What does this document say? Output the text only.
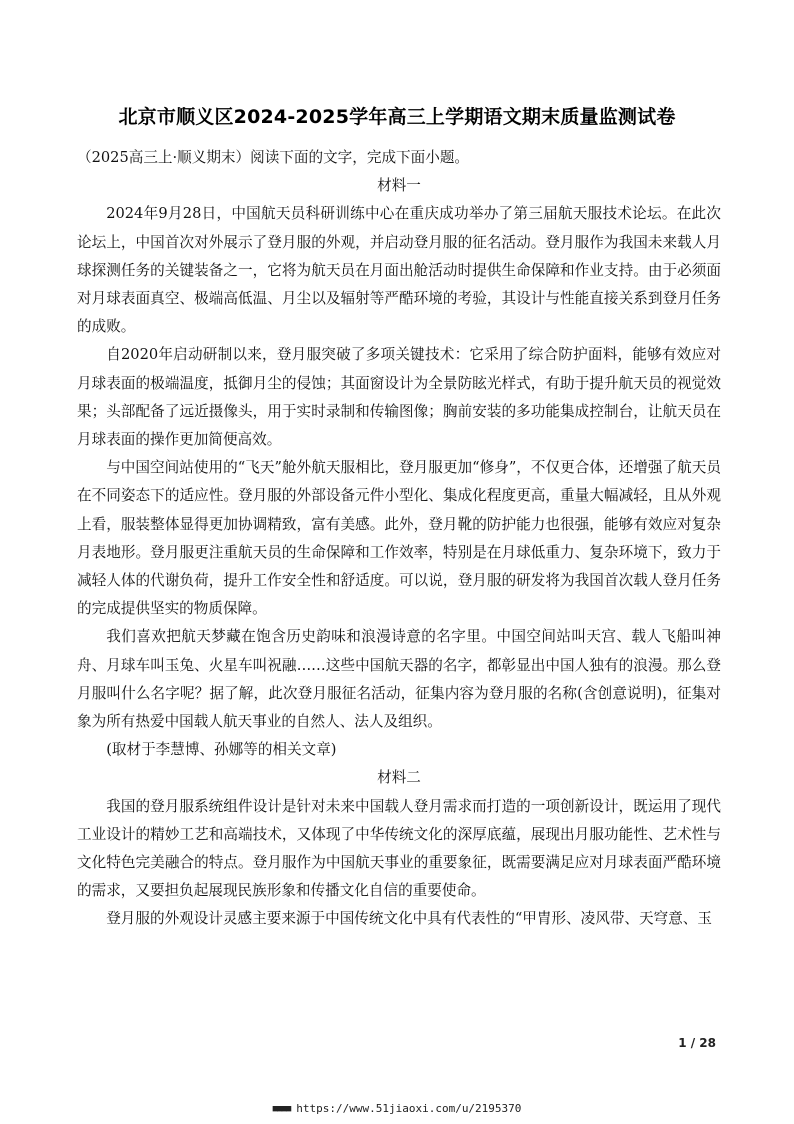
北京市顺义区2024-2025学年高三上学期语文期末质量监测试卷

（2025高三上·顺义期末）阅读下面的文字，完成下面小题。

材料一

2024年9月28日，中国航天员科研训练中心在重庆成功举办了第三届航天服技术论坛。在此次论坛上，中国首次对外展示了登月服的外观，并启动登月服的征名活动。登月服作为我国未来载人月球探测任务的关键装备之一，它将为航天员在月面出舱活动时提供生命保障和作业支持。由于必须面对月球表面真空、极端高低温、月尘以及辐射等严酷环境的考验，其设计与性能直接关系到登月任务的成败。

自2020年启动研制以来，登月服突破了多项关键技术：它采用了综合防护面料，能够有效应对月球表面的极端温度，抵御月尘的侵蚀；其面窗设计为全景防眩光样式，有助于提升航天员的视觉效果；头部配备了远近摄像头，用于实时录制和传输图像；胸前安装的多功能集成控制台，让航天员在月球表面的操作更加简便高效。

与中国空间站使用的“飞天”舱外航天服相比，登月服更加“修身”，不仅更合体，还增强了航天员在不同姿态下的适应性。登月服的外部设备元件小型化、集成化程度更高，重量大幅减轻，且从外观上看，服装整体显得更加协调精致，富有美感。此外，登月靴的防护能力也很强，能够有效应对复杂月表地形。登月服更注重航天员的生命保障和工作效率，特别是在月球低重力、复杂环境下，致力于减轻人体的代谢负荷，提升工作安全性和舒适度。可以说，登月服的研发将为我国首次载人登月任务的完成提供坚实的物质保障。

我们喜欢把航天梦藏在饱含历史韵味和浪漫诗意的名字里。中国空间站叫天宫、载人飞船叫神舟、月球车叫玉兔、火星车叫祝融……这些中国航天器的名字，都彰显出中国人独有的浪漫。那么登月服叫什么名字呢？据了解，此次登月服征名活动，征集内容为登月服的名称(含创意说明)，征集对象为所有热爱中国载人航天事业的自然人、法人及组织。

(取材于李慧博、孙娜等的相关文章)

材料二

我国的登月服系统组件设计是针对未来中国载人登月需求而打造的一项创新设计，既运用了现代工业设计的精妙工艺和高端技术，又体现了中华传统文化的深厚底蕴，展现出月服功能性、艺术性与文化特色完美融合的特点。登月服作为中国航天事业的重要象征，既需要满足应对月球表面严酷环境的需求，又要担负起展现民族形象和传播文化自信的重要使命。

登月服的外观设计灵感主要来源于中国传统文化中具有代表性的“甲胄形、凌风带、天穹意、玉

1 / 28
■■■■ https://www.51jiaoxi.com/u/2195370
